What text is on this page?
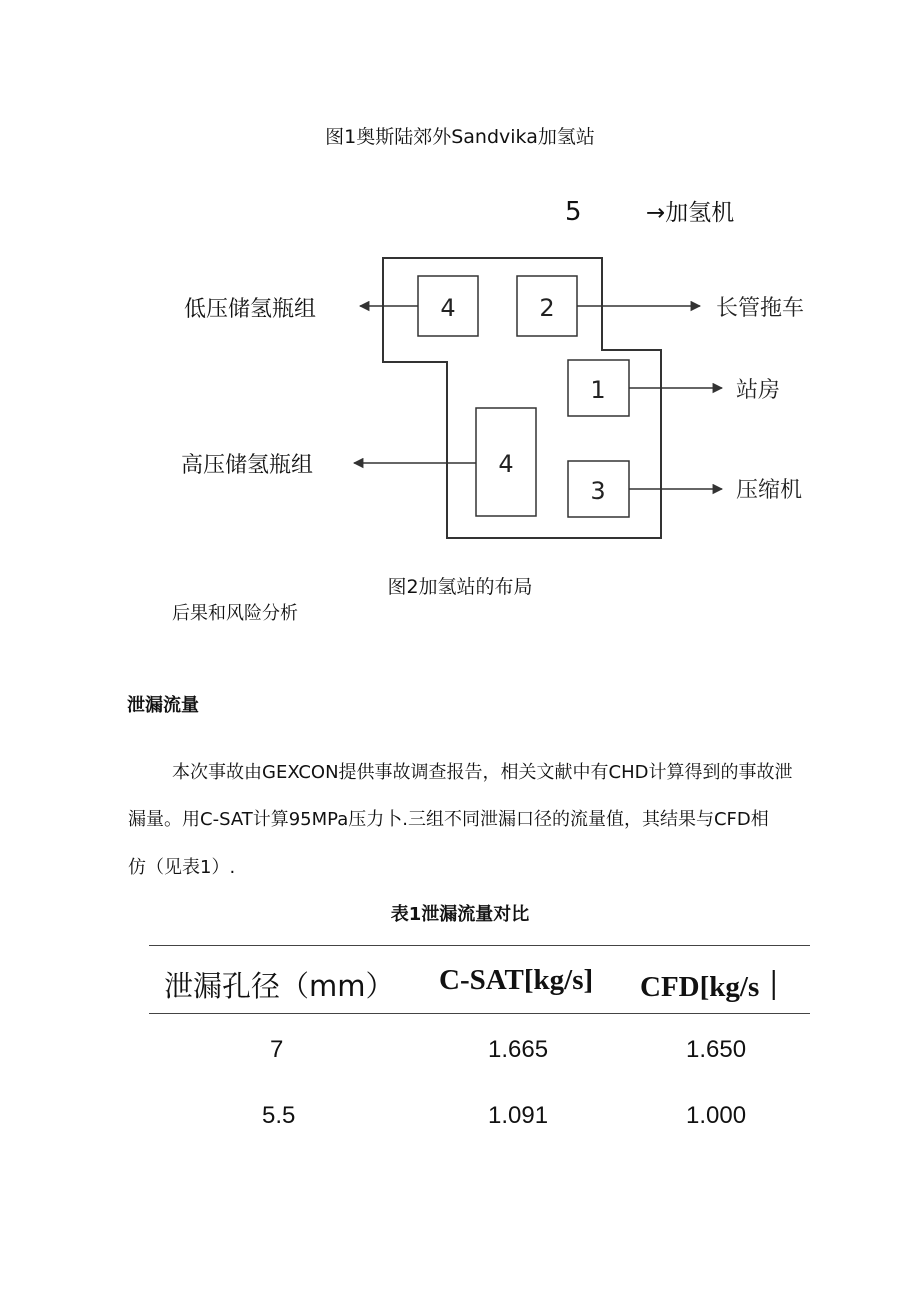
图1奥斯陆郊外Sandvika加氢站
5	→加氢机
4	2
1
4
3
低压储氢瓶组	长管拖车
站房
高压储氢瓶组
压缩机
图2加氢站的布局
后果和风险分析
泄漏流量
本次事故由GEXCON提供事故调查报告，相关文献中有CHD计算得到的事故泄
漏量。用C-SAT计算95MPa压力卜.三组不同泄漏口径的流量值，其结果与CFD相
仿（见表1）.
表1泄漏流量对比
泄漏孔径（mm） C-SAT[kg/s] CFD[kg/s｜
7	1.665	1.650
5.5	1.091	1.000
